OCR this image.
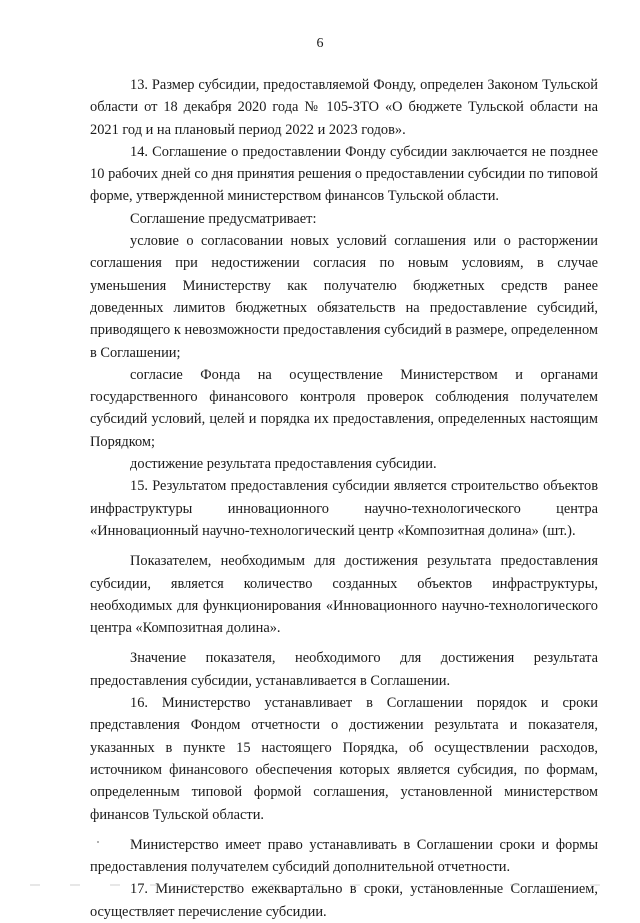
6

13. Размер субсидии, предоставляемой Фонду, определен Законом Тульской области от 18 декабря 2020 года № 105-ЗТО «О бюджете Тульской области на 2021 год и на плановый период 2022 и 2023 годов».

14. Соглашение о предоставлении Фонду субсидии заключается не позднее 10 рабочих дней со дня принятия решения о предоставлении субсидии по типовой форме, утвержденной министерством финансов Тульской области.

Соглашение предусматривает:

условие о согласовании новых условий соглашения или о расторжении соглашения при недостижении согласия по новым условиям, в случае уменьшения Министерству как получателю бюджетных средств ранее доведенных лимитов бюджетных обязательств на предоставление субсидий, приводящего к невозможности предоставления субсидий в размере, определенном в Соглашении;

согласие Фонда на осуществление Министерством и органами государственного финансового контроля проверок соблюдения получателем субсидий условий, целей и порядка их предоставления, определенных настоящим Порядком;

достижение результата предоставления субсидии.

15. Результатом предоставления субсидии является строительство объектов инфраструктуры инновационного научно-технологического центра «Инновационный научно-технологический центр «Композитная долина» (шт.).

Показателем, необходимым для достижения результата предоставления субсидии, является количество созданных объектов инфраструктуры, необходимых для функционирования «Инновационного научно-технологического центра «Композитная долина».

Значение показателя, необходимого для достижения результата предоставления субсидии, устанавливается в Соглашении.

16. Министерство устанавливает в Соглашении порядок и сроки представления Фондом отчетности о достижении результата и показателя, указанных в пункте 15 настоящего Порядка, об осуществлении расходов, источником финансового обеспечения которых является субсидия, по формам, определенным типовой формой соглашения, установленной министерством финансов Тульской области.

Министерство имеет право устанавливать в Соглашении сроки и формы предоставления получателем субсидий дополнительной отчетности.

17. Министерство ежеквартально в сроки, установленные Соглашением, осуществляет перечисление субсидии.
